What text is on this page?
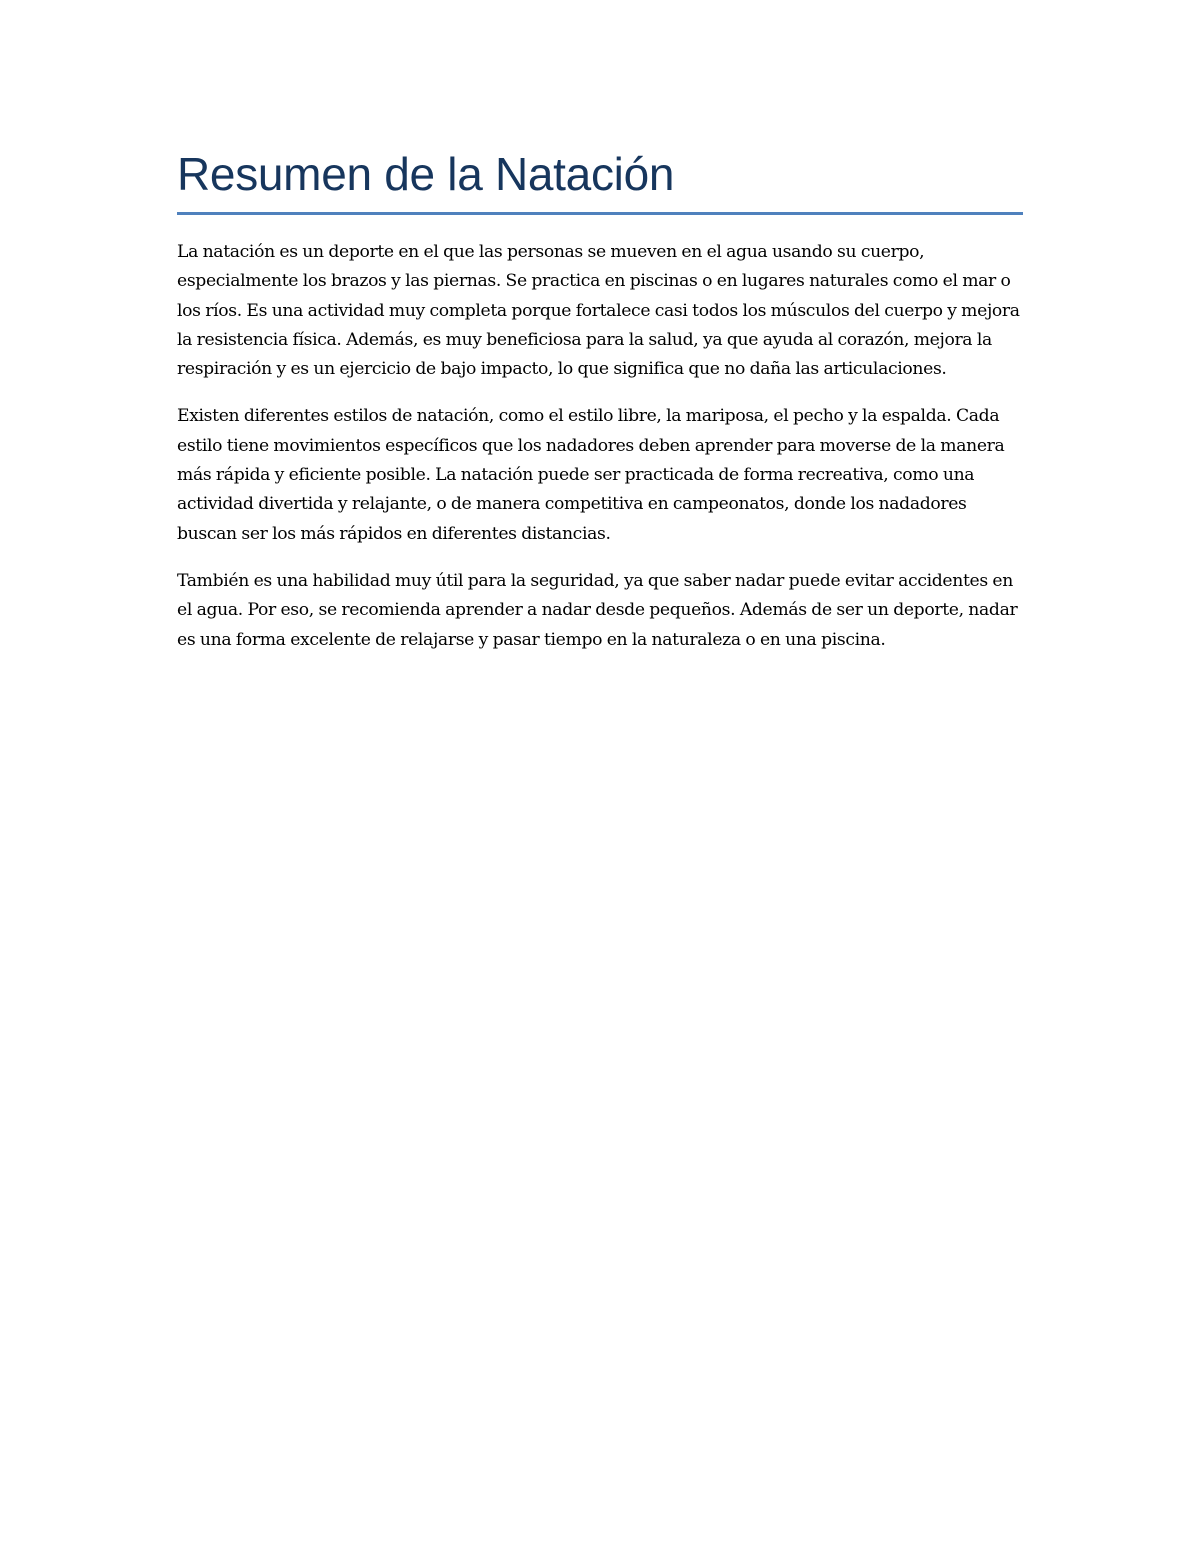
Resumen de la Natación

La natación es un deporte en el que las personas se mueven en el agua usando su cuerpo, especialmente los brazos y las piernas. Se practica en piscinas o en lugares naturales como el mar o los ríos. Es una actividad muy completa porque fortalece casi todos los músculos del cuerpo y mejora la resistencia física. Además, es muy beneficiosa para la salud, ya que ayuda al corazón, mejora la respiración y es un ejercicio de bajo impacto, lo que significa que no daña las articulaciones.

Existen diferentes estilos de natación, como el estilo libre, la mariposa, el pecho y la espalda. Cada estilo tiene movimientos específicos que los nadadores deben aprender para moverse de la manera más rápida y eficiente posible. La natación puede ser practicada de forma recreativa, como una actividad divertida y relajante, o de manera competitiva en campeonatos, donde los nadadores buscan ser los más rápidos en diferentes distancias.

También es una habilidad muy útil para la seguridad, ya que saber nadar puede evitar accidentes en el agua. Por eso, se recomienda aprender a nadar desde pequeños. Además de ser un deporte, nadar es una forma excelente de relajarse y pasar tiempo en la naturaleza o en una piscina.
